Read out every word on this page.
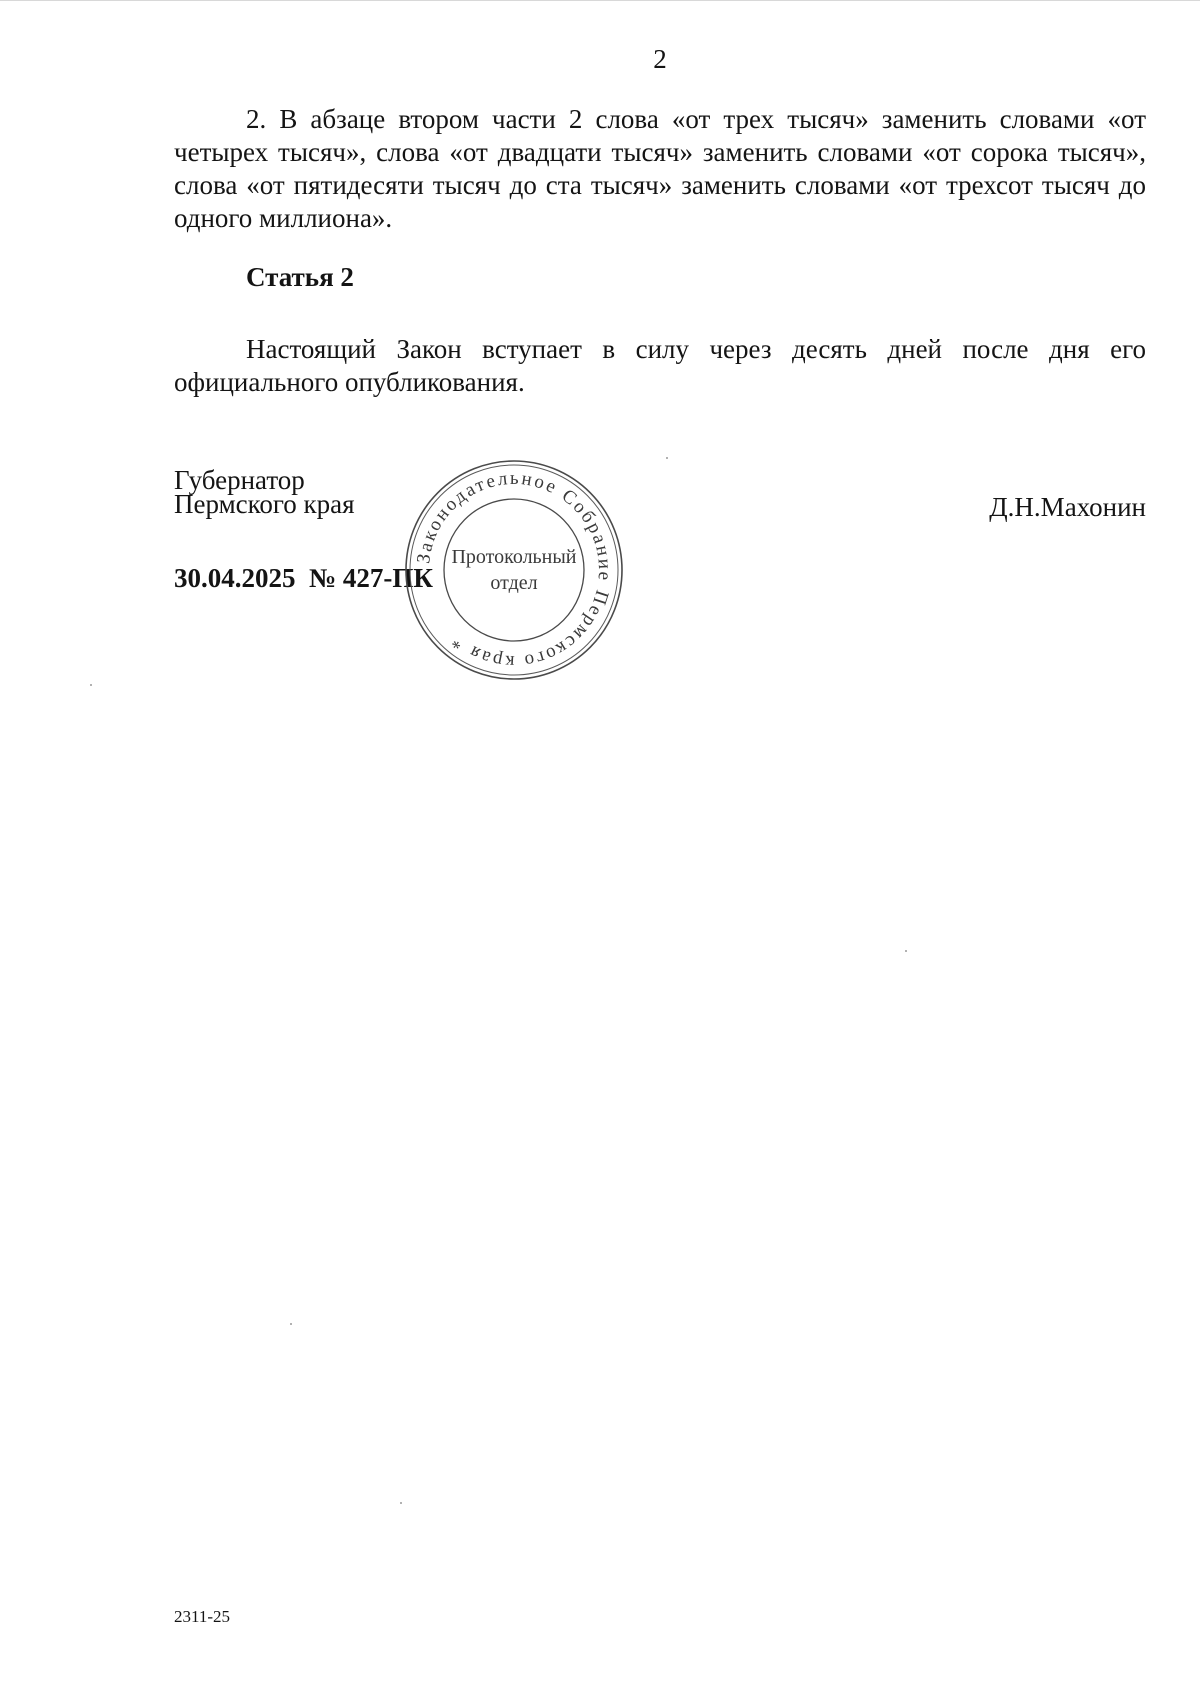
2

2. В абзаце втором части 2 слова «от трех тысяч» заменить словами «от четырех тысяч», слова «от двадцати тысяч» заменить словами «от сорока тысяч», слова «от пятидесяти тысяч до ста тысяч» заменить словами «от трехсот тысяч до одного миллиона».

Статья 2

Настоящий Закон вступает в силу через десять дней после дня его официального опубликования.

Губернатор
Пермского края	Д.Н.Махонин
30.04.2025  № 427-ПК
Законодательное Собрание Пермского края *
Протокольный
отдел
2311-25
